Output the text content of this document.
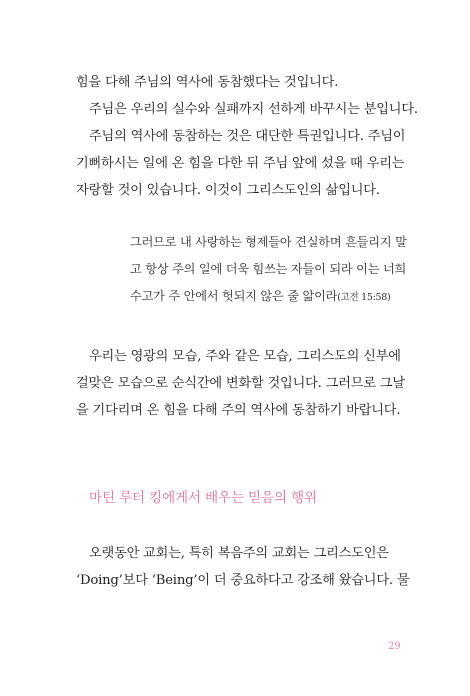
힘을 다해 주님의 역사에 동참했다는 것입니다.
주님은 우리의 실수와 실패까지 선하게 바꾸시는 분입니다.
주님의 역사에 동참하는 것은 대단한 특권입니다. 주님이
기뻐하시는 일에 온 힘을 다한 뒤 주님 앞에 섰을 때 우리는
자랑할 것이 있습니다. 이것이 그리스도인의 삶입니다.
그러므로 내 사랑하는 형제들아 견실하며 흔들리지 말
고 항상 주의 일에 더욱 힘쓰는 자들이 되라 이는 너희
수고가 주 안에서 헛되지 않은 줄 앎이라(고전 15:58)
우리는 영광의 모습, 주와 같은 모습, 그리스도의 신부에
걸맞은 모습으로 순식간에 변화할 것입니다. 그러므로 그날
을 기다리며 온 힘을 다해 주의 역사에 동참하기 바랍니다.
마틴 루터 킹에게서 배우는 믿음의 행위
오랫동안 교회는, 특히 복음주의 교회는 그리스도인은
‘Doing’보다 ‘Being’이 더 중요하다고 강조해 왔습니다. 물
29
